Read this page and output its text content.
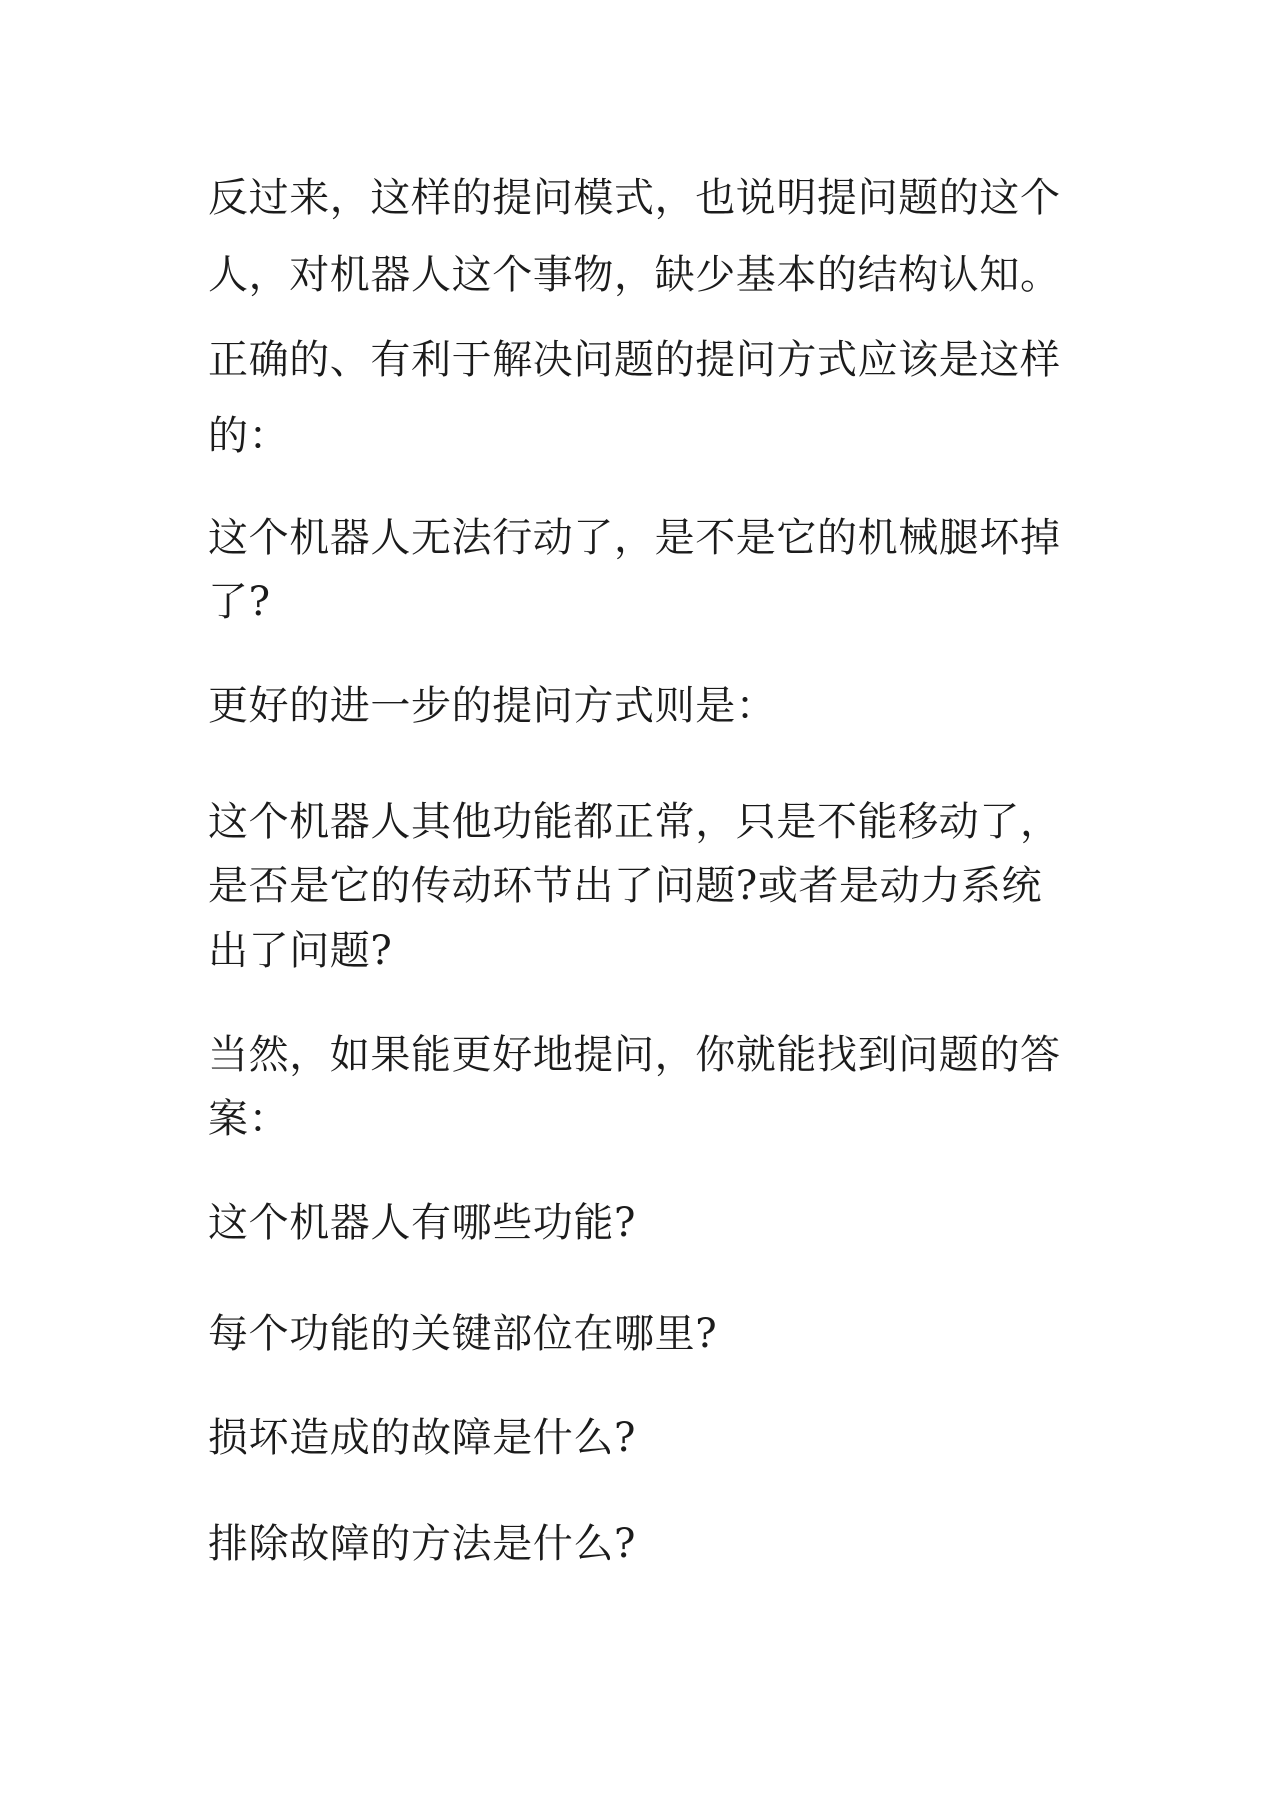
反过来，这样的提问模式，也说明提问题的这个
人，对机器人这个事物，缺少基本的结构认知。
正确的、有利于解决问题的提问方式应该是这样
的：
这个机器人无法行动了，是不是它的机械腿坏掉
了?
更好的进一步的提问方式则是：
这个机器人其他功能都正常，只是不能移动了，
是否是它的传动环节出了问题?或者是动力系统
出了问题?
当然，如果能更好地提问，你就能找到问题的答
案：
这个机器人有哪些功能?
每个功能的关键部位在哪里?
损坏造成的故障是什么?
排除故障的方法是什么?
